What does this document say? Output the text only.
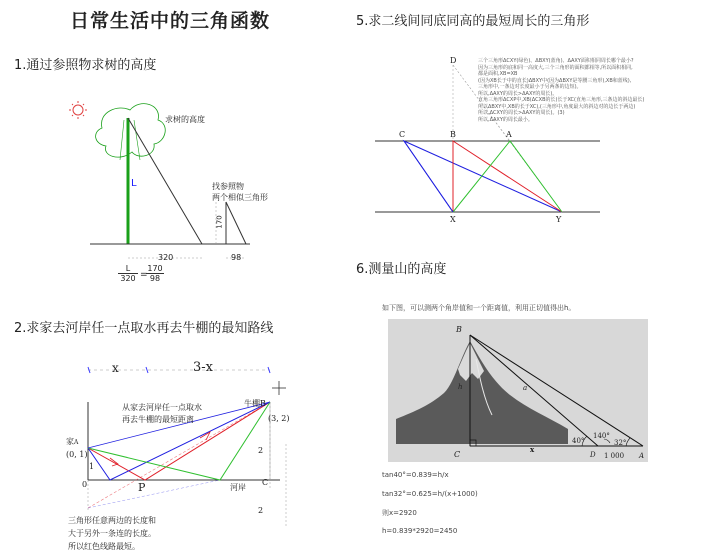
日常生活中的三角函数
1.通过参照物求树的高度
2.求家去河岸任一点取水再去牛棚的最知路线
5.求二线间同底同高的最短周长的三角形
6.测量山的高度
求树的高度
L	找参照物
两个相似三角形
170
320	98
L
320 =
170
98
x	3-x
牛棚B
(3, 2)
家A
(0, 1)
从家去河岸任一点取水
再去牛棚的最短距离
河岸
0	P	C
1
2
2
三角形任意两边的长度和
大于另外一条连的长度。
所以红色线路最短。
D
C	B	A
X	Y
三个三角形ΔCXY(绿色)、ΔBXY(蓝角)、ΔAXY面积相同周长哪个最小?
因为三角形的底和同一高度大,三个三角形的面积都相等,所以面积相同,
都是面积,XB=XB
(因为XB长于中的直长)ΔBXY中(因为ΔBXY是等腰三角形),XB和蓝线),
三角形中,一条边对长度最小于另两条的边短)。
所以,ΔAXY的周长>ΔAXY的周长)。
直角三角形ΔCXP中,XB(ΔCXB的长)长于XC(直角三角形,三条边的斜边最长)
所以ΔBXY中,XB的长于XC),(三角形中,角度最大的斜边对的边长于两边)
所以,ΔCXY的周长>ΔAXY的周长)。(3)
所以,ΔAXY的周长最小。
如下图，可以测两个角岸值和一个距离值，利用正切值得出h。
B
h	a
40°
140°
32°
C
x
D 1 000 A
tan40°=0.839=h/x
tan32°=0.625=h/(x+1000)
则x=2920
h=0.839*2920=2450
